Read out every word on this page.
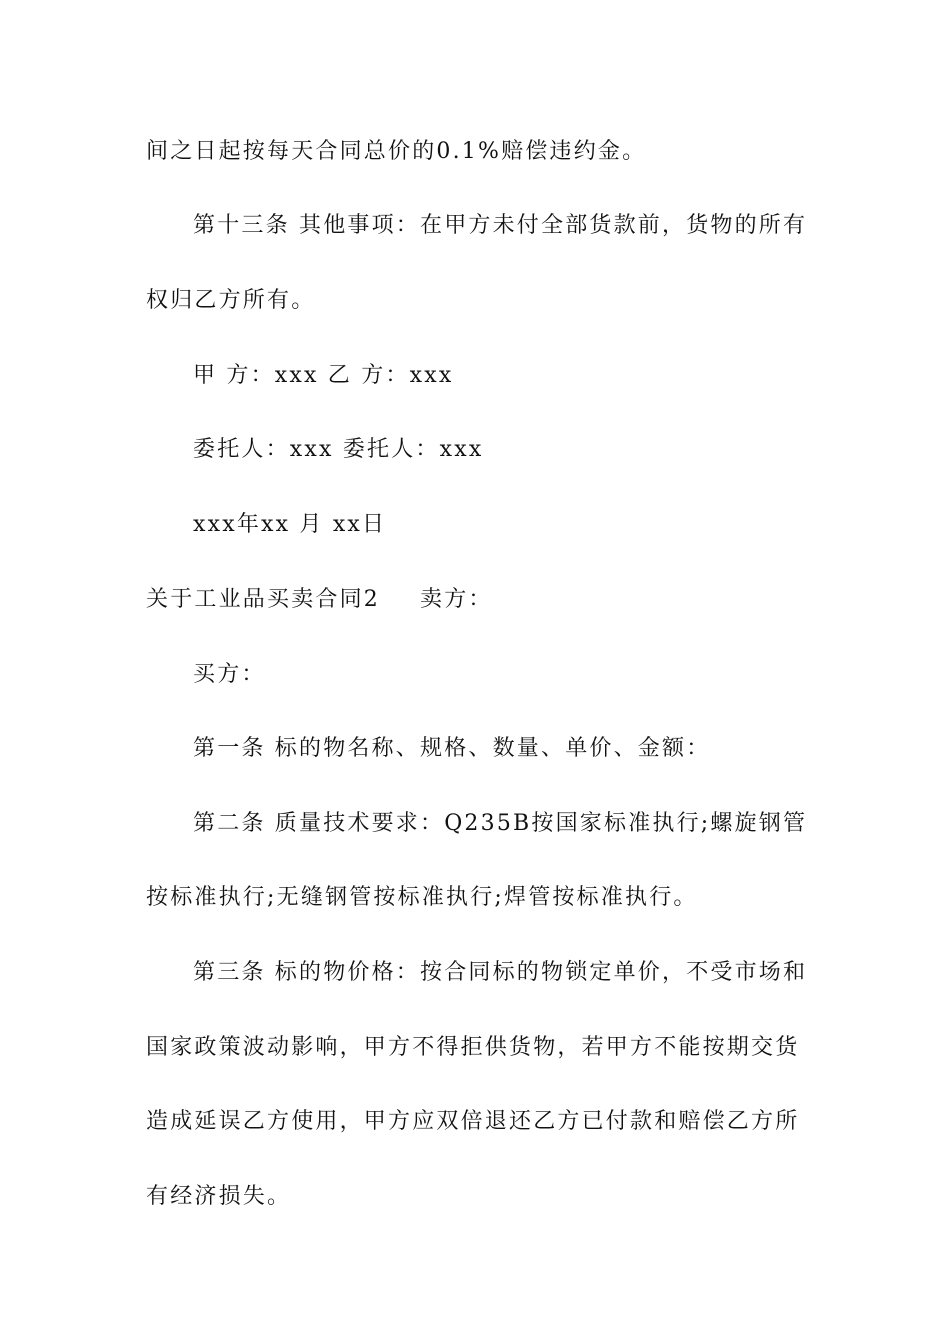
间之日起按每天合同总价的0.1%赔偿违约金。
第十三条 其他事项：在甲方未付全部货款前，货物的所有
权归乙方所有。
甲 方：xxx 乙 方：xxx
委托人：xxx 委托人：xxx
xxx年xx 月 xx日
关于工业品买卖合同2 卖方：
买方：
第一条 标的物名称、规格、数量、单价、金额：
第二条 质量技术要求：Q235B按国家标准执行;螺旋钢管
按标准执行;无缝钢管按标准执行;焊管按标准执行。
第三条 标的物价格：按合同标的物锁定单价，不受市场和
国家政策波动影响，甲方不得拒供货物，若甲方不能按期交货
造成延误乙方使用，甲方应双倍退还乙方已付款和赔偿乙方所
有经济损失。
